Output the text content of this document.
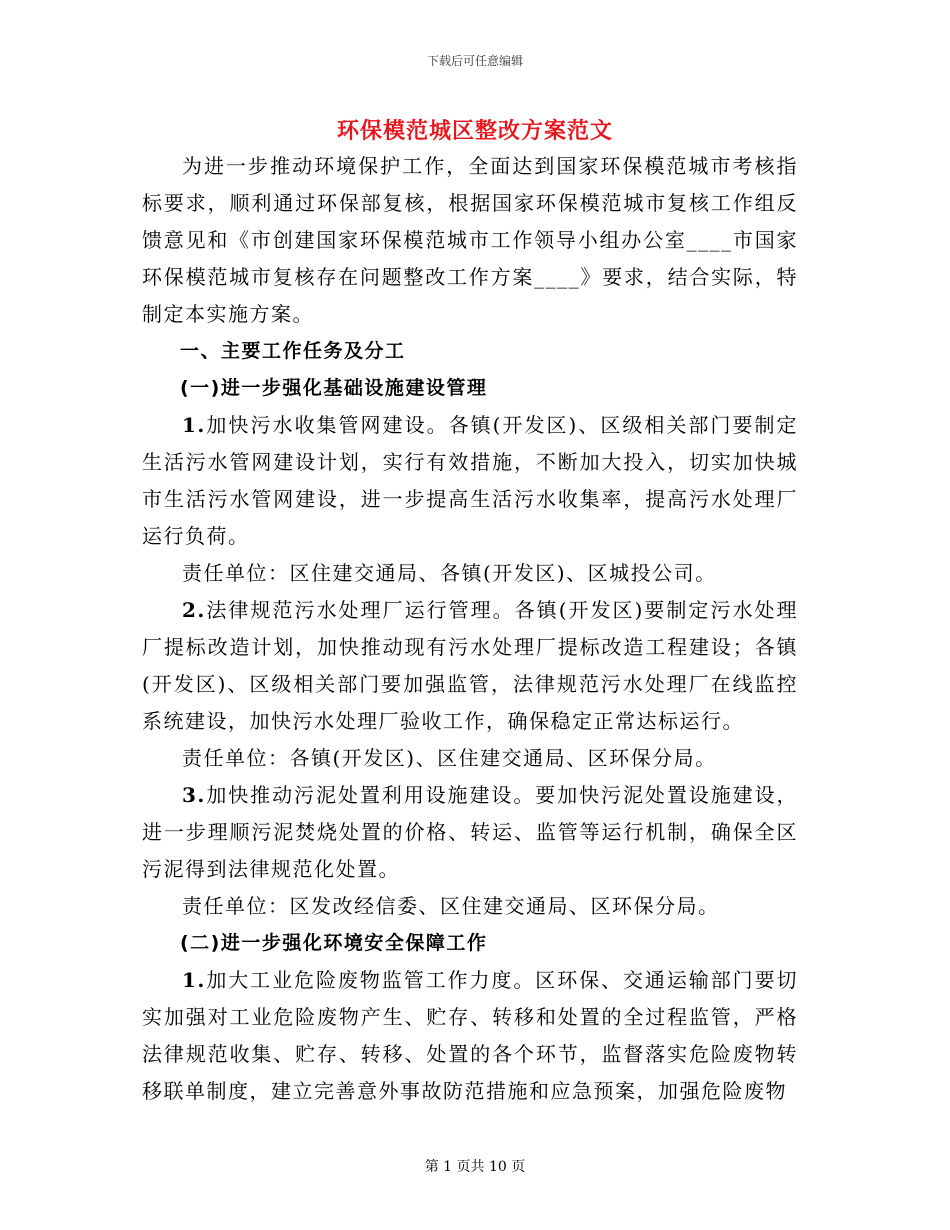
下载后可任意编辑
环保模范城区整改方案范文

为进一步推动环境保护工作，全面达到国家环保模范城市考核指标要求，顺利通过环保部复核，根据国家环保模范城市复核工作组反馈意见和《市创建国家环保模范城市工作领导小组办公室____市国家环保模范城市复核存在问题整改工作方案____》要求，结合实际，特制定本实施方案。

一、主要工作任务及分工

(一)进一步强化基础设施建设管理

1.加快污水收集管网建设。各镇(开发区)、区级相关部门要制定生活污水管网建设计划，实行有效措施，不断加大投入，切实加快城市生活污水管网建设，进一步提高生活污水收集率，提高污水处理厂运行负荷。

责任单位：区住建交通局、各镇(开发区)、区城投公司。

2.法律规范污水处理厂运行管理。各镇(开发区)要制定污水处理厂提标改造计划，加快推动现有污水处理厂提标改造工程建设；各镇(开发区)、区级相关部门要加强监管，法律规范污水处理厂在线监控系统建设，加快污水处理厂验收工作，确保稳定正常达标运行。

责任单位：各镇(开发区)、区住建交通局、区环保分局。

3.加快推动污泥处置利用设施建设。要加快污泥处置设施建设，进一步理顺污泥焚烧处置的价格、转运、监管等运行机制，确保全区污泥得到法律规范化处置。

责任单位：区发改经信委、区住建交通局、区环保分局。

(二)进一步强化环境安全保障工作

1.加大工业危险废物监管工作力度。区环保、交通运输部门要切实加强对工业危险废物产生、贮存、转移和处置的全过程监管，严格法律规范收集、贮存、转移、处置的各个环节，监督落实危险废物转移联单制度，建立完善意外事故防范措施和应急预案，加强危险废物

第 1 页共 10 页
